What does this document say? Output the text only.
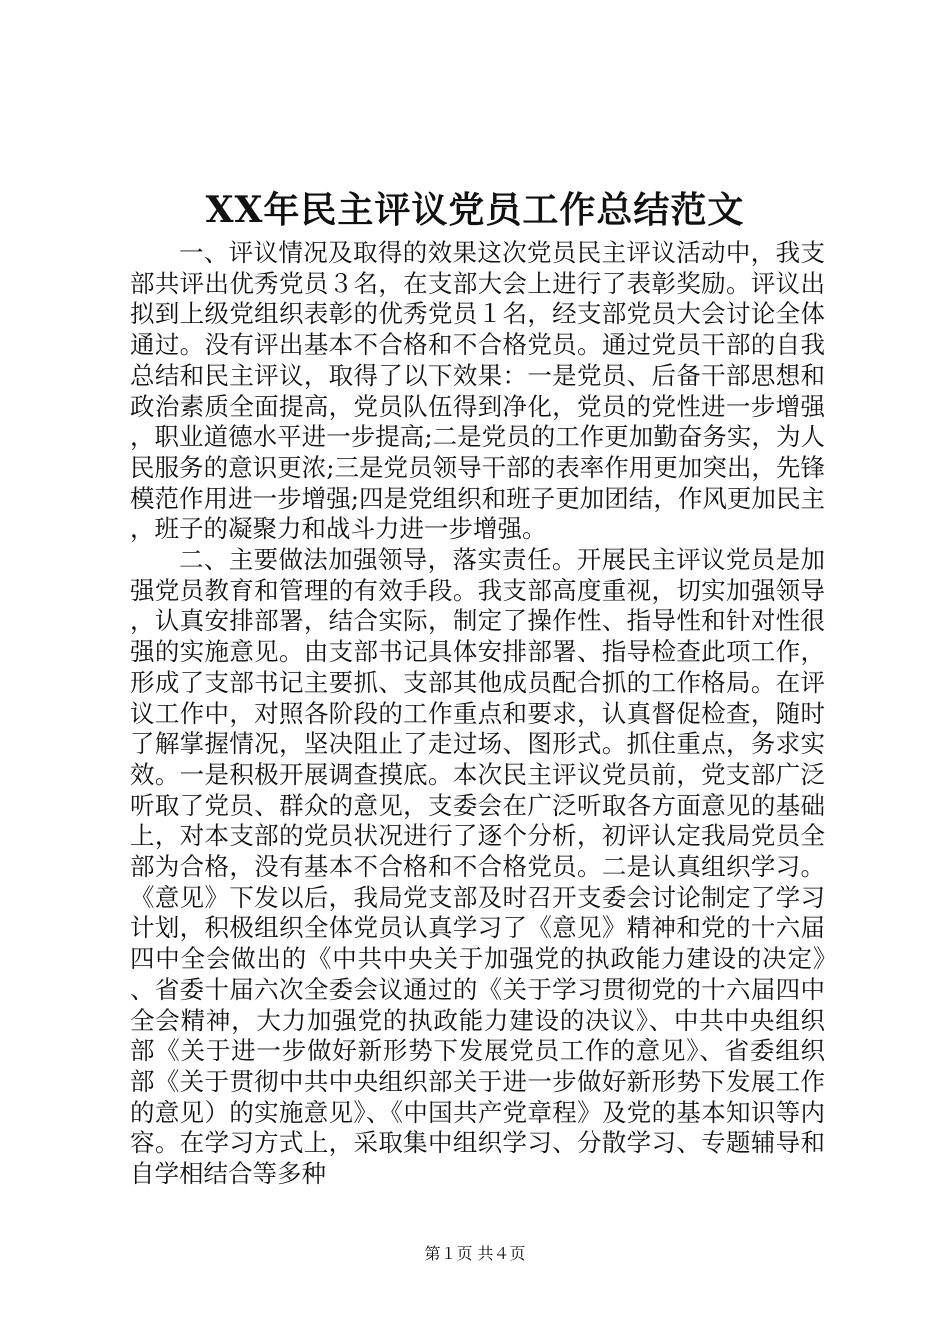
XX年民主评议党员工作总结范文

一、评议情况及取得的效果这次党员民主评议活动中，我支部共评出优秀党员３名，在支部大会上进行了表彰奖励。评议出拟到上级党组织表彰的优秀党员１名，经支部党员大会讨论全体通过。没有评出基本不合格和不合格党员。通过党员干部的自我总结和民主评议，取得了以下效果：一是党员、后备干部思想和政治素质全面提高，党员队伍得到净化，党员的党性进一步增强，职业道德水平进一步提高;二是党员的工作更加勤奋务实，为人民服务的意识更浓;三是党员领导干部的表率作用更加突出，先锋模范作用进一步增强;四是党组织和班子更加团结，作风更加民主，班子的凝聚力和战斗力进一步增强。

二、主要做法加强领导，落实责任。开展民主评议党员是加强党员教育和管理的有效手段。我支部高度重视，切实加强领导，认真安排部署，结合实际，制定了操作性、指导性和针对性很强的实施意见。由支部书记具体安排部署、指导检查此项工作，形成了支部书记主要抓、支部其他成员配合抓的工作格局。在评议工作中，对照各阶段的工作重点和要求，认真督促检查，随时了解掌握情况，坚决阻止了走过场、图形式。抓住重点，务求实效。一是积极开展调查摸底。本次民主评议党员前，党支部广泛听取了党员、群众的意见，支委会在广泛听取各方面意见的基础上，对本支部的党员状况进行了逐个分析，初评认定我局党员全部为合格，没有基本不合格和不合格党员。二是认真组织学习。《意见》下发以后，我局党支部及时召开支委会讨论制定了学习计划，积极组织全体党员认真学习了《意见》精神和党的十六届四中全会做出的《中共中央关于加强党的执政能力建设的决定》、省委十届六次全委会议通过的《关于学习贯彻党的十六届四中全会精神，大力加强党的执政能力建设的决议》、中共中央组织部《关于进一步做好新形势下发展党员工作的意见》、省委组织部《关于贯彻中共中央组织部关于进一步做好新形势下发展工作的意见）的实施意见》、《中国共产党章程》及党的基本知识等内容。在学习方式上，采取集中组织学习、分散学习、专题辅导和自学相结合等多种

第１页 共４页
